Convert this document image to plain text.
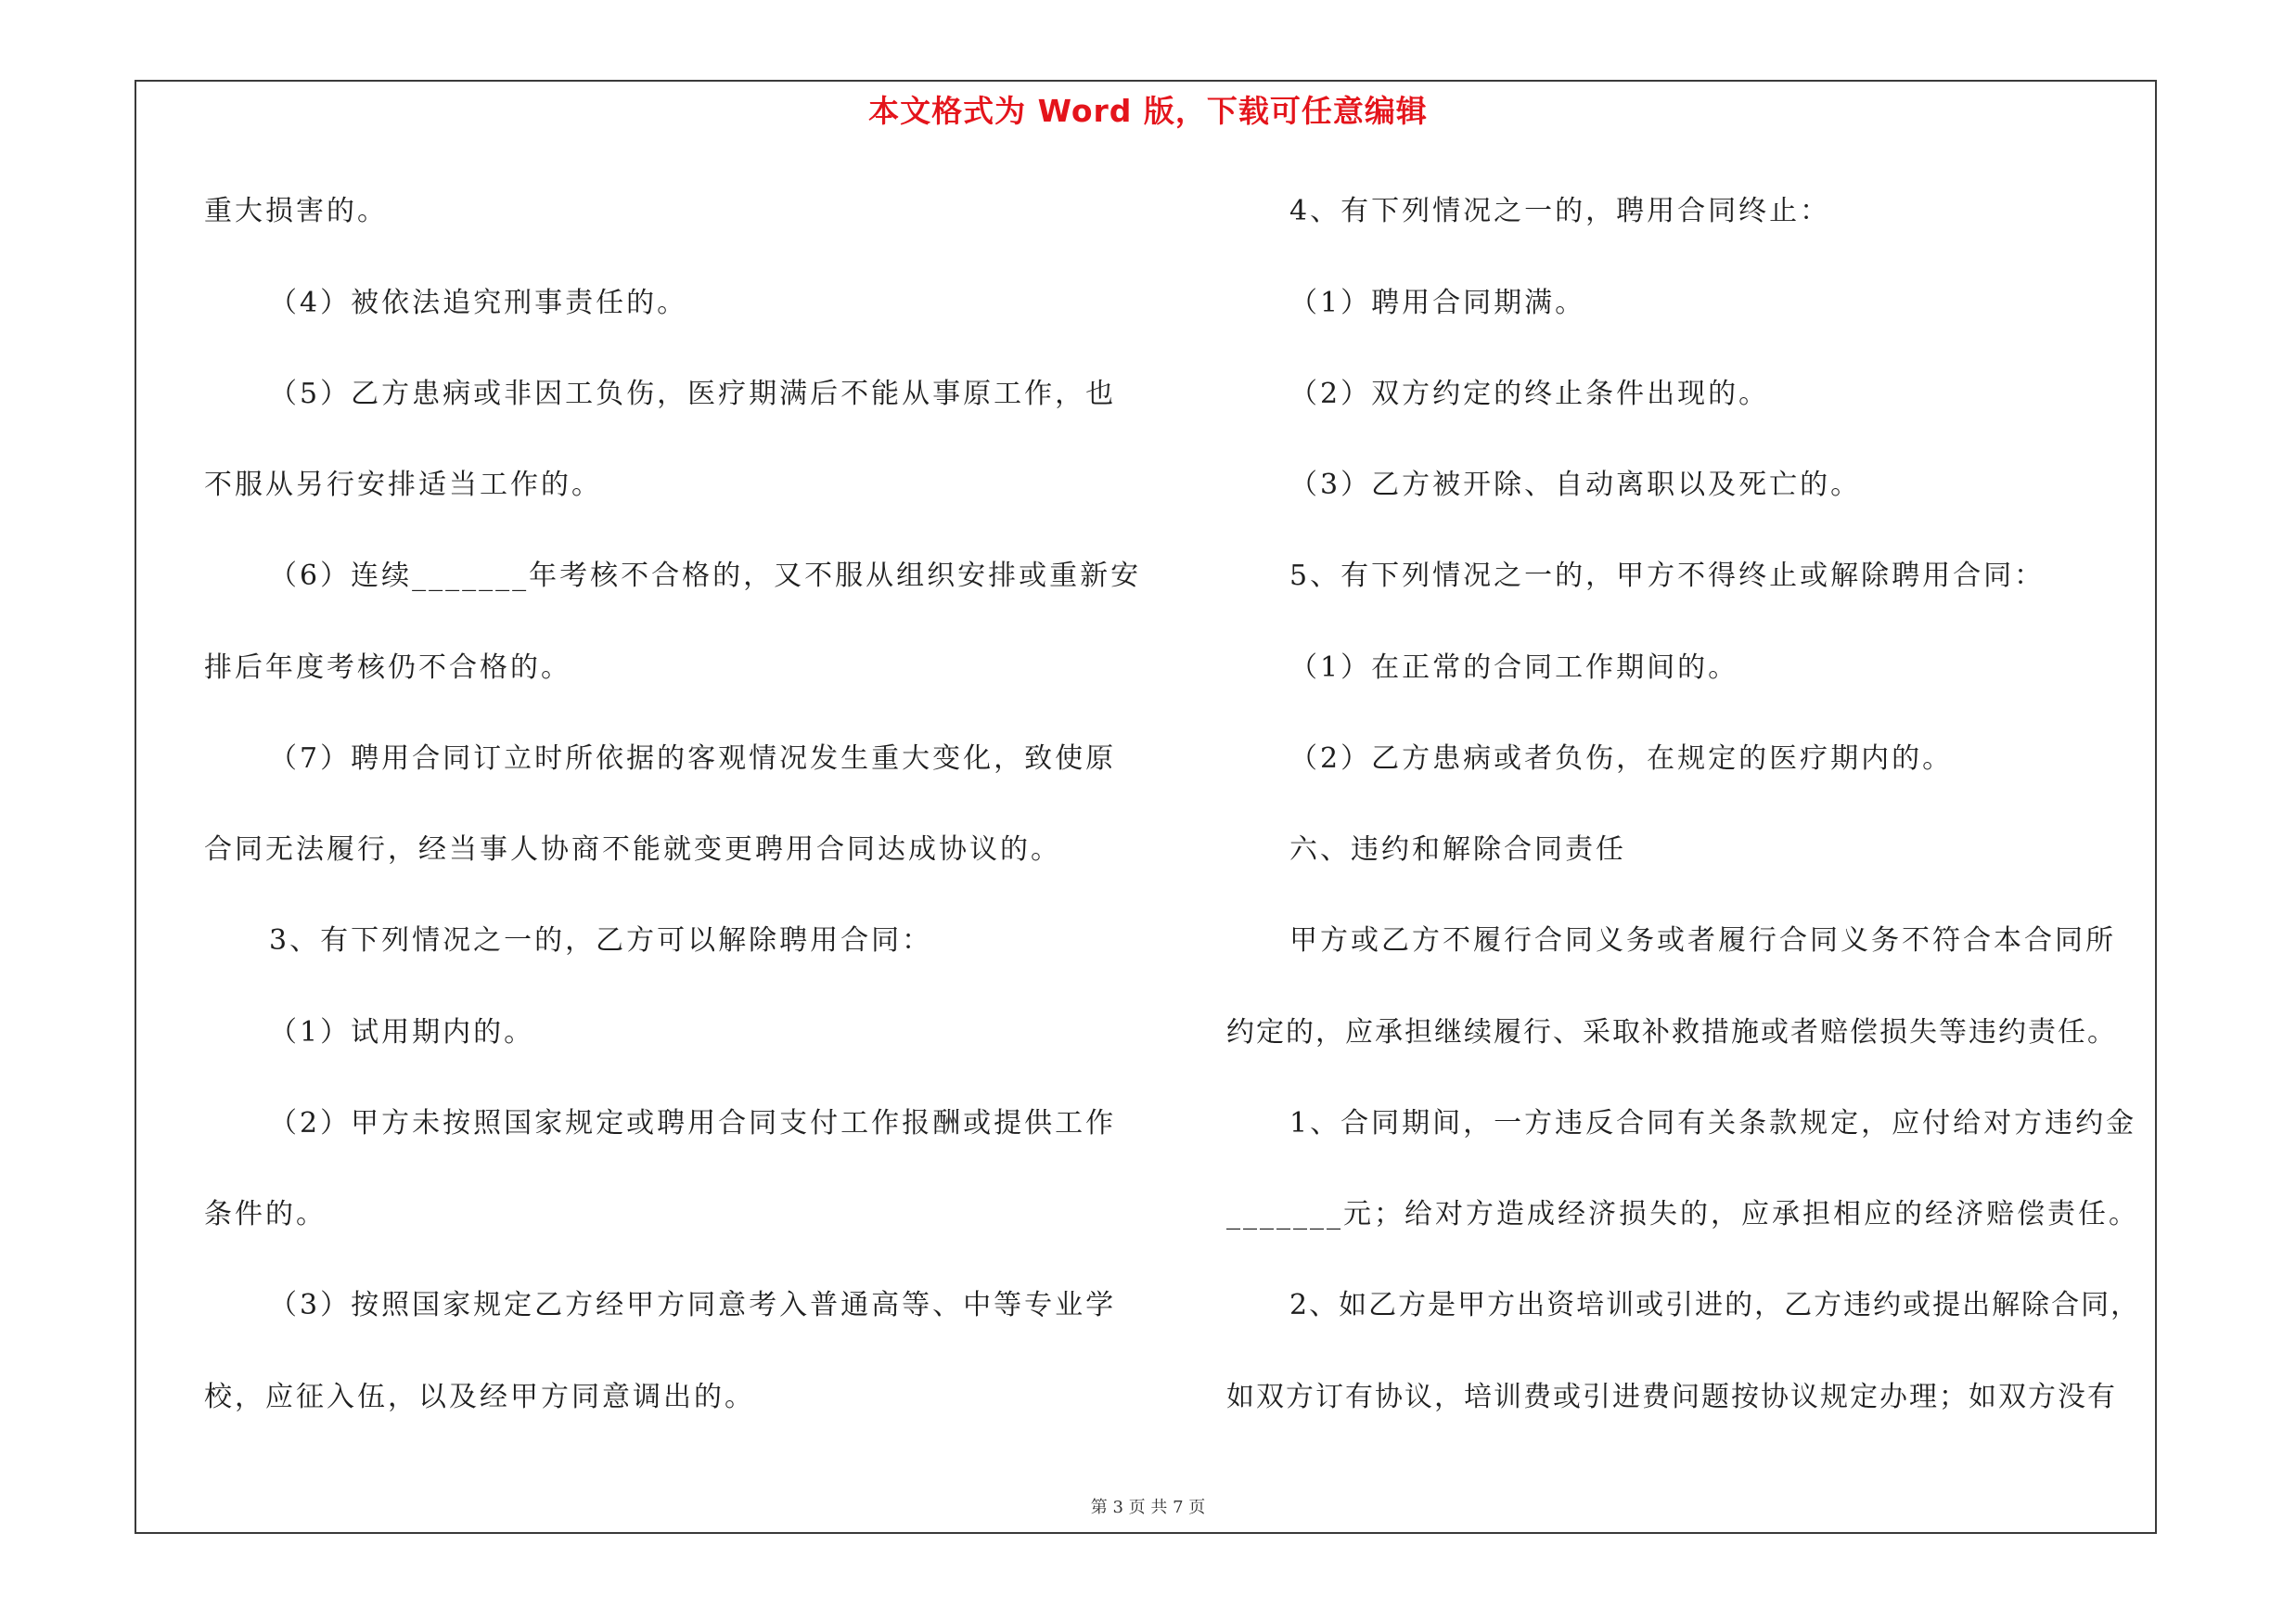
本文格式为 Word 版，下载可任意编辑
重大损害的。
（4）被依法追究刑事责任的。
（5）乙方患病或非因工负伤，医疗期满后不能从事原工作，也
不服从另行安排适当工作的。
（6）连续_______年考核不合格的，又不服从组织安排或重新安
排后年度考核仍不合格的。
（7）聘用合同订立时所依据的客观情况发生重大变化，致使原
合同无法履行，经当事人协商不能就变更聘用合同达成协议的。
3、有下列情况之一的，乙方可以解除聘用合同：
（1）试用期内的。
（2）甲方未按照国家规定或聘用合同支付工作报酬或提供工作
条件的。
（3）按照国家规定乙方经甲方同意考入普通高等、中等专业学
校，应征入伍，以及经甲方同意调出的。
4、有下列情况之一的，聘用合同终止：
（1）聘用合同期满。
（2）双方约定的终止条件出现的。
（3）乙方被开除、自动离职以及死亡的。
5、有下列情况之一的，甲方不得终止或解除聘用合同：
（1）在正常的合同工作期间的。
（2）乙方患病或者负伤，在规定的医疗期内的。
六、违约和解除合同责任
甲方或乙方不履行合同义务或者履行合同义务不符合本合同所
约定的，应承担继续履行、采取补救措施或者赔偿损失等违约责任。
1、合同期间，一方违反合同有关条款规定，应付给对方违约金
_______元；给对方造成经济损失的，应承担相应的经济赔偿责任。
2、如乙方是甲方出资培训或引进的，乙方违约或提出解除合同，
如双方订有协议，培训费或引进费问题按协议规定办理；如双方没有
第 3 页 共 7 页
